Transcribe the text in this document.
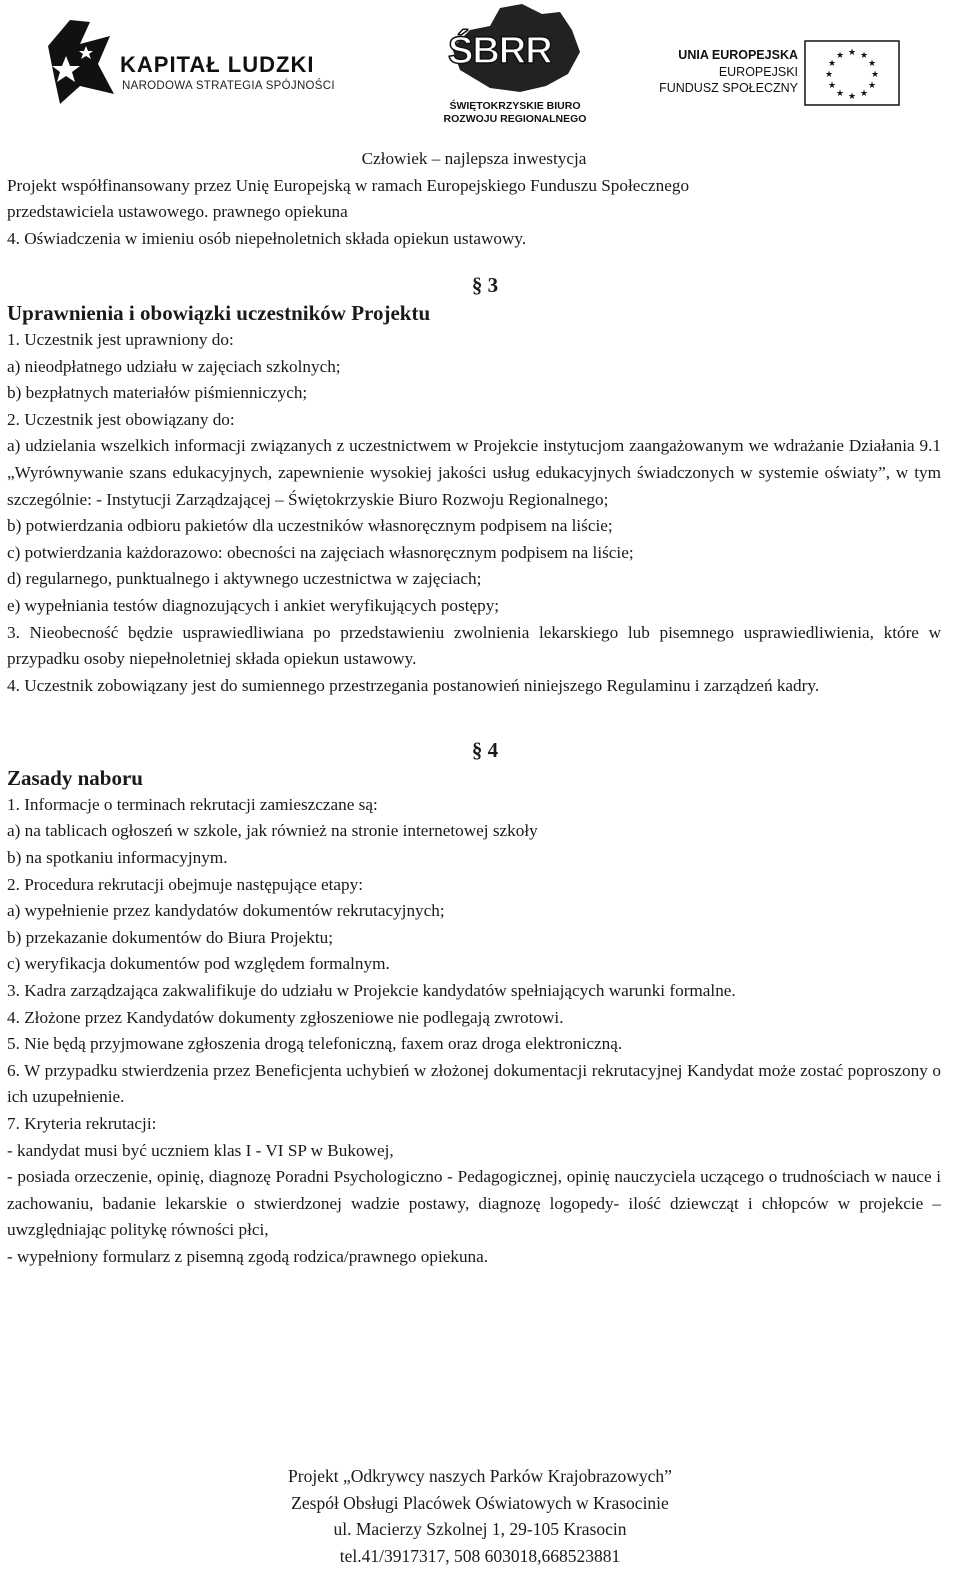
KAPITAŁ LUDZKI
NARODOWA STRATEGIA SPÓJNOŚCI
ŚBRR
ŚWIĘTOKRZYSKIE BIURO
ROZWOJU REGIONALNEGO
UNIA EUROPEJSKA
EUROPEJSKI
FUNDUSZ SPOŁECZNY
★ ★
★
★
★
★
★
★
★
★
★
★

Człowiek – najlepsza inwestycja

Projekt współfinansowany przez Unię Europejską w ramach Europejskiego Funduszu Społecznego

przedstawiciela ustawowego. prawnego opiekuna

4. Oświadczenia w imieniu osób niepełnoletnich składa opiekun ustawowy.

§ 3

Uprawnienia i obowiązki uczestników Projektu

1. Uczestnik jest uprawniony do:

a) nieodpłatnego udziału w zajęciach szkolnych;

b) bezpłatnych materiałów piśmienniczych;

2. Uczestnik jest obowiązany do:

a) udzielania wszelkich informacji związanych z uczestnictwem w Projekcie instytucjom zaangażowanym we wdrażanie Działania 9.1 „Wyrównywanie szans edukacyjnych, zapewnienie wysokiej jakości usług edukacyjnych świadczonych w systemie oświaty”, w tym szczególnie: - Instytucji Zarządzającej – Świętokrzyskie Biuro Rozwoju Regionalnego;

b) potwierdzania odbioru pakietów dla uczestników własnoręcznym podpisem na liście;

c) potwierdzania każdorazowo: obecności na zajęciach własnoręcznym podpisem na liście;

d) regularnego, punktualnego i aktywnego uczestnictwa w zajęciach;

e) wypełniania testów diagnozujących i ankiet weryfikujących postępy;

3. Nieobecność będzie usprawiedliwiana po przedstawieniu zwolnienia lekarskiego lub pisemnego usprawiedliwienia, które w przypadku osoby niepełnoletniej składa opiekun ustawowy.

4. Uczestnik zobowiązany jest do sumiennego przestrzegania postanowień niniejszego Regulaminu i zarządzeń kadry.

§ 4

Zasady naboru

1. Informacje o terminach rekrutacji zamieszczane są:

a) na tablicach ogłoszeń w szkole, jak również na stronie internetowej szkoły

b) na spotkaniu informacyjnym.

2. Procedura rekrutacji obejmuje następujące etapy:

a) wypełnienie przez kandydatów dokumentów rekrutacyjnych;

b) przekazanie dokumentów do Biura Projektu;

c) weryfikacja dokumentów pod względem formalnym.

3. Kadra zarządzająca zakwalifikuje do udziału w Projekcie kandydatów spełniających warunki formalne.

4. Złożone przez Kandydatów dokumenty zgłoszeniowe nie podlegają zwrotowi.

5. Nie będą przyjmowane zgłoszenia drogą telefoniczną, faxem oraz droga elektroniczną.

6. W przypadku stwierdzenia przez Beneficjenta uchybień w złożonej dokumentacji rekrutacyjnej Kandydat może zostać poproszony o ich uzupełnienie.

7. Kryteria rekrutacji:

- kandydat musi być uczniem klas I - VI SP w Bukowej,

- posiada orzeczenie, opinię, diagnozę Poradni Psychologiczno - Pedagogicznej, opinię nauczyciela uczącego o trudnościach w nauce i zachowaniu, badanie lekarskie o stwierdzonej wadzie postawy, diagnozę logopedy- ilość dziewcząt i chłopców w projekcie – uwzględniając politykę równości płci,

- wypełniony formularz z pisemną zgodą rodzica/prawnego opiekuna.

Projekt „Odkrywcy naszych Parków Krajobrazowych”

Zespół Obsługi Placówek Oświatowych w Krasocinie

ul. Macierzy Szkolnej 1, 29-105 Krasocin

tel.41/3917317, 508 603018,668523881
